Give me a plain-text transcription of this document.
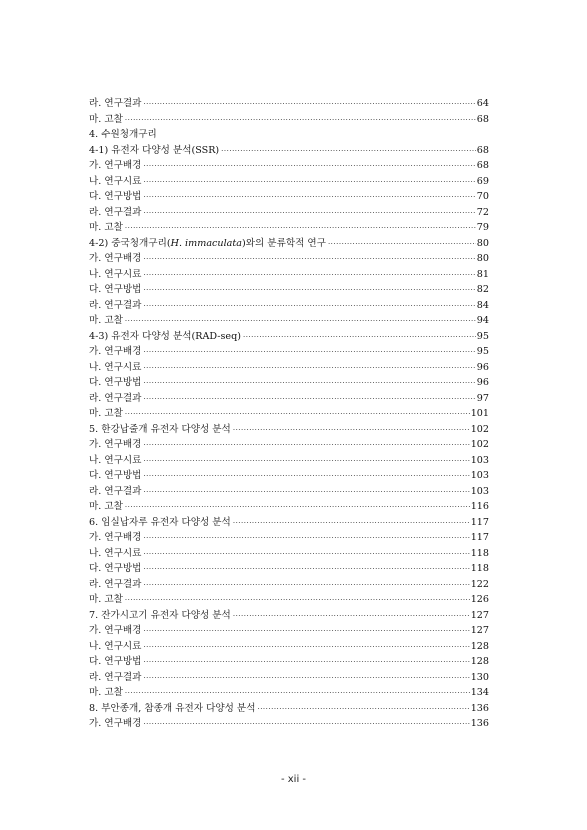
라. 연구결과 ·····	64
마. 고찰 ·····	68
4. 수원청개구리
4-1) 유전자 다양성 분석(SSR) ·····	68
가. 연구배경 ·····	68
나. 연구시료 ·····	69
다. 연구방법 ·····	70
라. 연구결과 ·····	72
마. 고찰 ·····	79
4-2) 중국청개구리(H. immaculata)와의 분류학적 연구 ·····	80
가. 연구배경 ·····	80
나. 연구시료 ·····	81
다. 연구방법 ·····	82
라. 연구결과 ·····	84
마. 고찰 ·····	94
4-3) 유전자 다양성 분석(RAD-seq) ·····	95
가. 연구배경 ·····	95
나. 연구시료 ·····	96
다. 연구방법 ·····	96
라. 연구결과 ·····	97
마. 고찰 ·····	101
5. 한강납줄개 유전자 다양성 분석 ·····	102
가. 연구배경 ·····	102
나. 연구시료 ·····	103
다. 연구방법 ·····	103
라. 연구결과 ·····	103
마. 고찰 ·····	116
6. 임실납자루 유전자 다양성 분석 ·····	117
가. 연구배경 ·····	117
나. 연구시료 ·····	118
다. 연구방법 ·····	118
라. 연구결과 ·····	122
마. 고찰 ·····	126
7. 잔가시고기 유전자 다양성 분석 ·····	127
가. 연구배경 ·····	127
나. 연구시료 ·····	128
다. 연구방법 ·····	128
라. 연구결과 ·····	130
마. 고찰 ·····	134
8. 부안종개, 참종개 유전자 다양성 분석 ·····	136
가. 연구배경 ·····	136
- xii -
